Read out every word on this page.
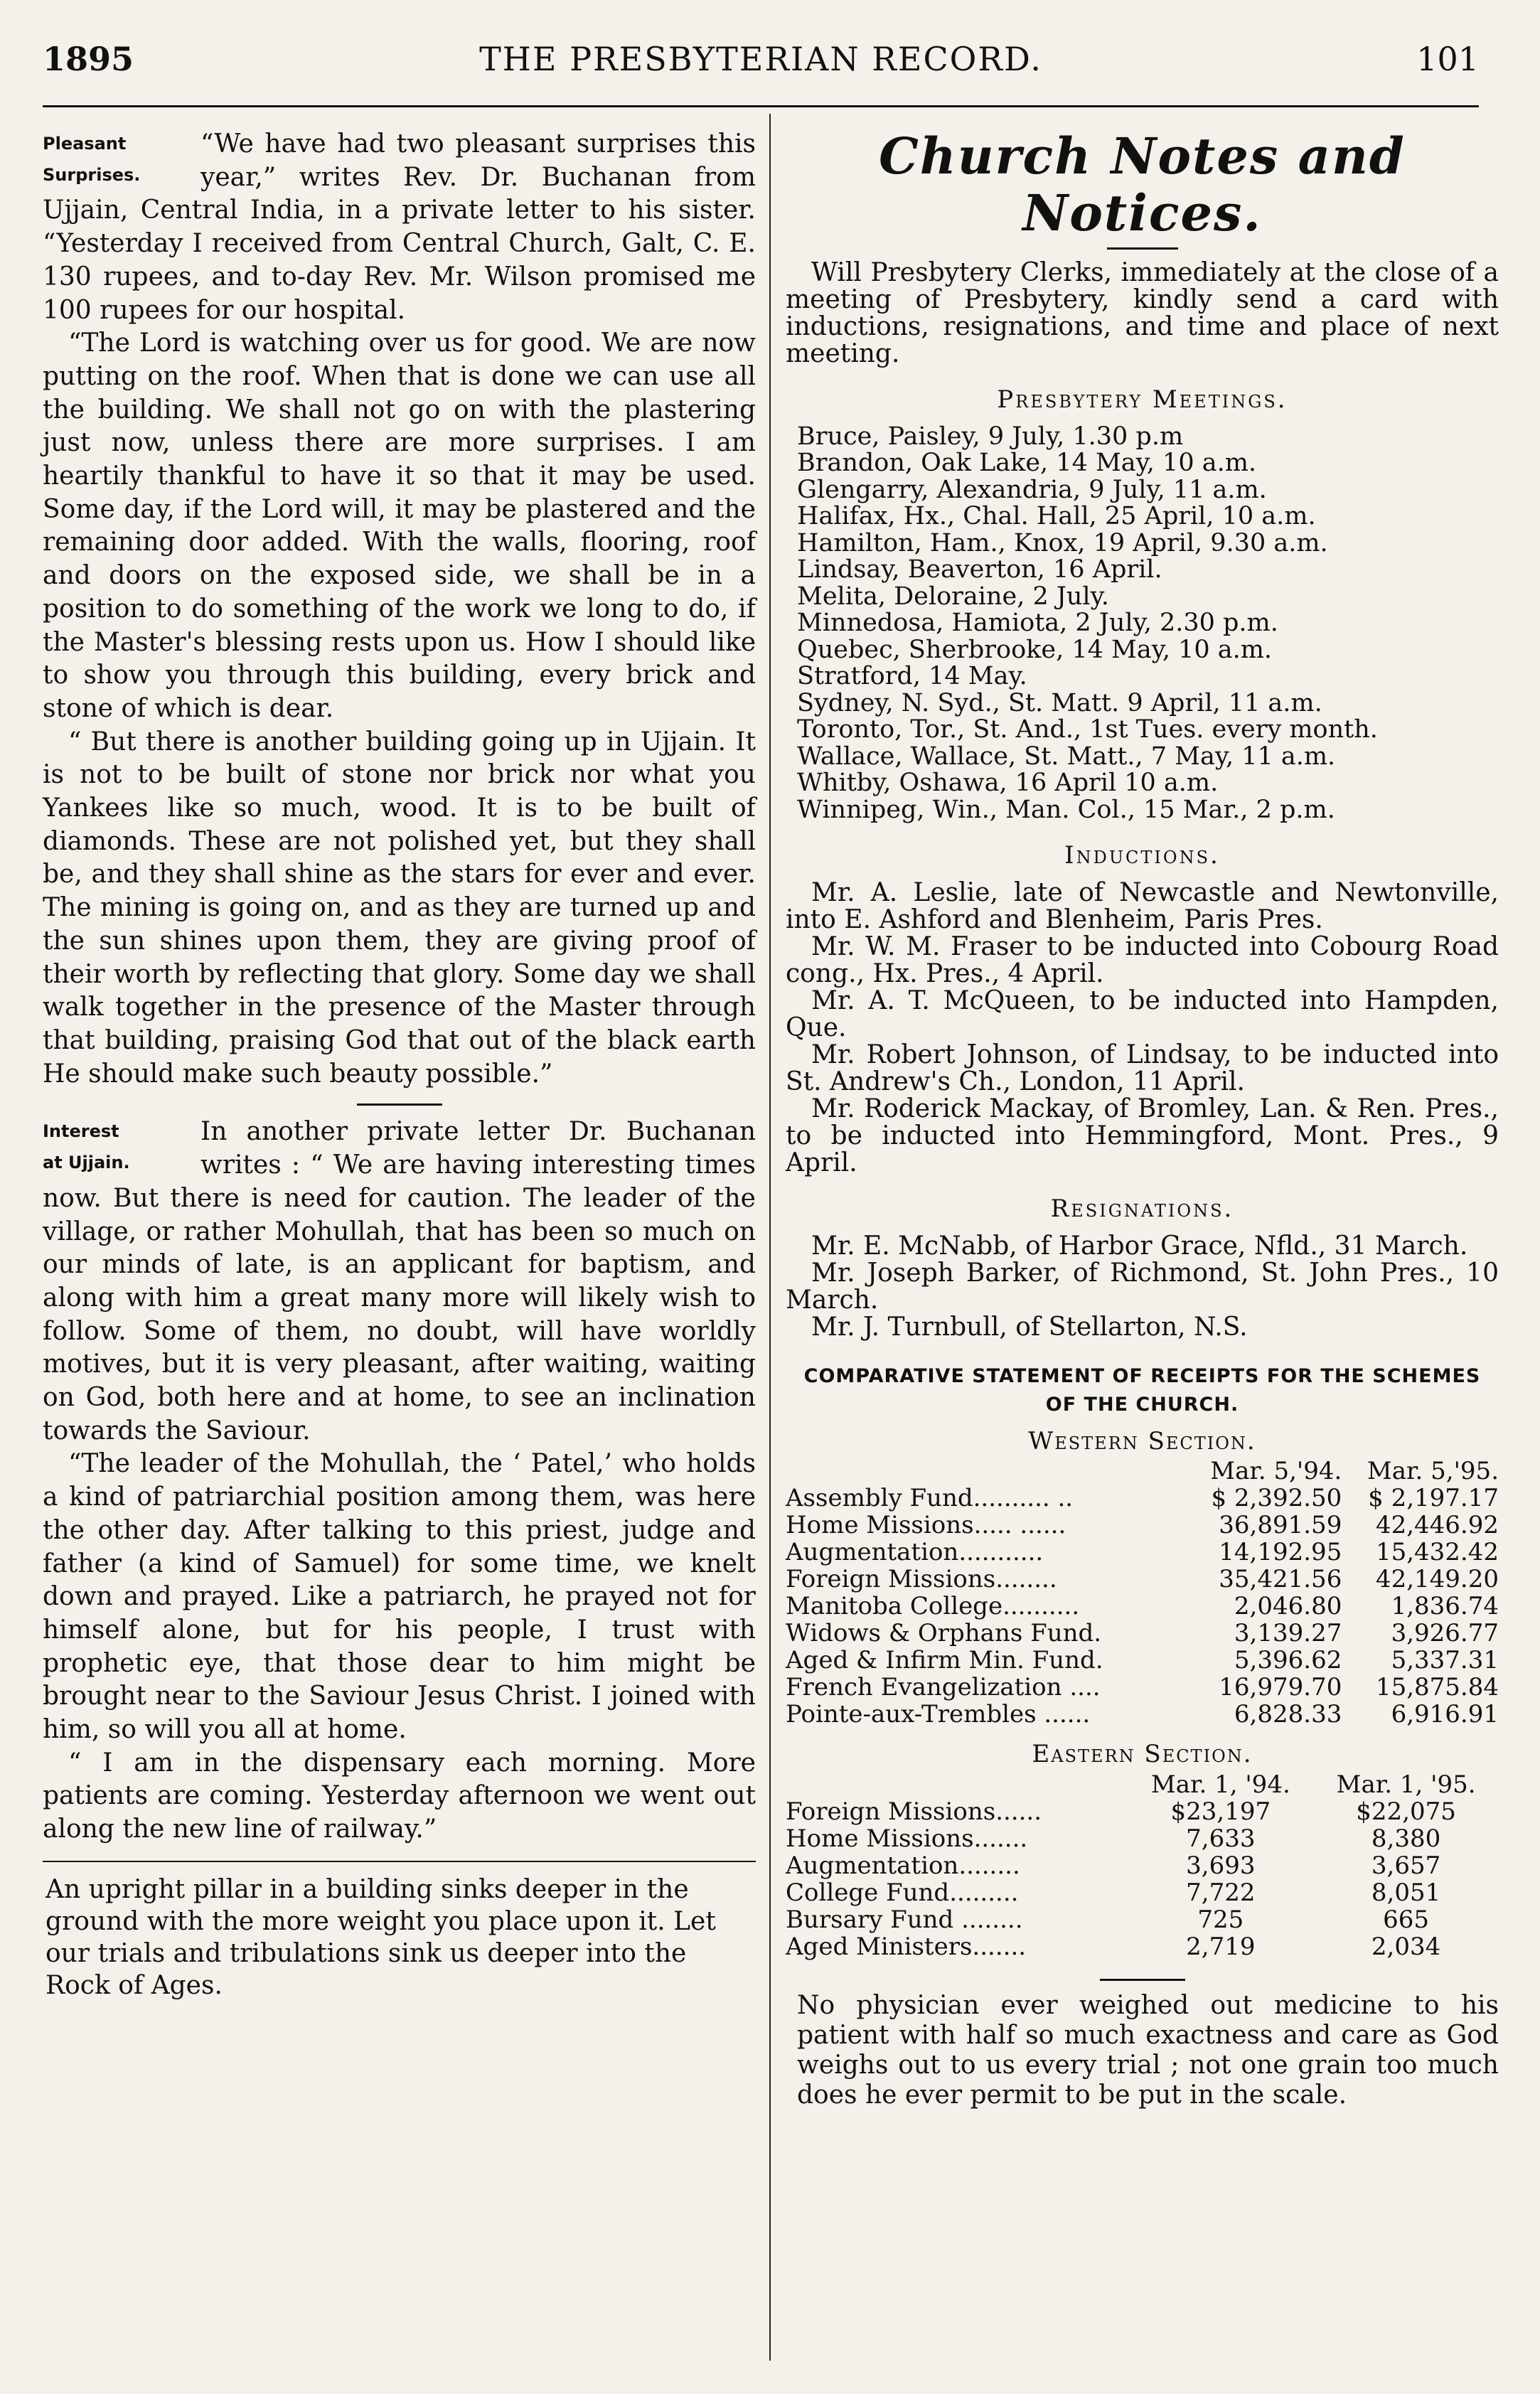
1895	THE PRESBYTERIAN RECORD.	101

Pleasant
Surprises.
“We have had two pleasant surprises this year,” writes Rev. Dr. Buchanan from Ujjain, Central India, in a private letter to his sister. “Yesterday I received from Central Church, Galt, C. E. 130 rupees, and to-day Rev. Mr. Wilson promised me 100 rupees for our hospital.

“The Lord is watching over us for good. We are now putting on the roof. When that is done we can use all the building. We shall not go on with the plastering just now, unless there are more surprises. I am heartily thankful to have it so that it may be used. Some day, if the Lord will, it may be plastered and the remaining door added. With the walls, flooring, roof and doors on the exposed side, we shall be in a position to do something of the work we long to do, if the Master's blessing rests upon us. How I should like to show you through this building, every brick and stone of which is dear.

“ But there is another building going up in Ujjain. It is not to be built of stone nor brick nor what you Yankees like so much, wood. It is to be built of diamonds. These are not polished yet, but they shall be, and they shall shine as the stars for ever and ever. The mining is going on, and as they are turned up and the sun shines upon them, they are giving proof of their worth by reflecting that glory. Some day we shall walk together in the presence of the Master through that building, praising God that out of the black earth He should make such beauty possible.”

Interest
at Ujjain.
In another private letter Dr. Buchanan writes : “ We are having interesting times now. But there is need for caution. The leader of the village, or rather Mohullah, that has been so much on our minds of late, is an applicant for baptism, and along with him a great many more will likely wish to follow. Some of them, no doubt, will have worldly motives, but it is very pleasant, after waiting, waiting on God, both here and at home, to see an inclination towards the Saviour.

“The leader of the Mohullah, the ‘ Patel,’ who holds a kind of patriarchial position among them, was here the other day. After talking to this priest, judge and father (a kind of Samuel) for some time, we knelt down and prayed. Like a patriarch, he prayed not for himself alone, but for his people, I trust with prophetic eye, that those dear to him might be brought near to the Saviour Jesus Christ. I joined with him, so will you all at home.

“ I am in the dispensary each morning. More patients are coming. Yesterday afternoon we went out along the new line of railway.”

An upright pillar in a building sinks deeper in the ground with the more weight you place upon it. Let our trials and tribulations sink us deeper into the Rock of Ages.

Church Notes and Notices.

Will Presbytery Clerks, immediately at the close of a meeting of Presbytery, kindly send a card with inductions, resignations, and time and place of next meeting.

Presbytery Meetings.
Bruce, Paisley, 9 July, 1.30 p.m
Brandon, Oak Lake, 14 May, 10 a.m.
Glengarry, Alexandria, 9 July, 11 a.m.
Halifax, Hx., Chal. Hall, 25 April, 10 a.m.
Hamilton, Ham., Knox, 19 April, 9.30 a.m.
Lindsay, Beaverton, 16 April.
Melita, Deloraine, 2 July.
Minnedosa, Hamiota, 2 July, 2.30 p.m.
Quebec, Sherbrooke, 14 May, 10 a.m.
Stratford, 14 May.
Sydney, N. Syd., St. Matt. 9 April, 11 a.m.
Toronto, Tor., St. And., 1st Tues. every month.
Wallace, Wallace, St. Matt., 7 May, 11 a.m.
Whitby, Oshawa, 16 April 10 a.m.
Winnipeg, Win., Man. Col., 15 Mar., 2 p.m.
Inductions.

Mr. A. Leslie, late of Newcastle and Newtonville, into E. Ashford and Blenheim, Paris Pres.

Mr. W. M. Fraser to be inducted into Cobourg Road cong., Hx. Pres., 4 April.

Mr. A. T. McQueen, to be inducted into Hampden, Que.

Mr. Robert Johnson, of Lindsay, to be inducted into St. Andrew's Ch., London, 11 April.

Mr. Roderick Mackay, of Bromley, Lan. & Ren. Pres., to be inducted into Hemmingford, Mont. Pres., 9 April.

Resignations.

Mr. E. McNabb, of Harbor Grace, Nfld., 31 March.

Mr. Joseph Barker, of Richmond, St. John Pres., 10 March.

Mr. J. Turnbull, of Stellarton, N.S.

COMPARATIVE STATEMENT OF RECEIPTS FOR THE SCHEMES OF THE CHURCH.
Western Section.
	Mar. 5,'94.	Mar. 5,'95.
Assembly Fund.......... ..	$ 2,392.50	$ 2,197.17
Home Missions..... ......	36,891.59	42,446.92
Augmentation...........	14,192.95	15,432.42
Foreign Missions........	35,421.56	42,149.20
Manitoba College..........	2,046.80	1,836.74
Widows & Orphans Fund.	3,139.27	3,926.77
Aged & Infirm Min. Fund.	5,396.62	5,337.31
French Evangelization ....	16,979.70	15,875.84
Pointe-aux-Trembles ......	6,828.33	6,916.91
Eastern Section.
	Mar. 1, '94.	Mar. 1, '95.
Foreign Missions......	$23,197	$22,075
Home Missions.......	7,633	8,380
Augmentation........	3,693	3,657
College Fund.........	7,722	8,051
Bursary Fund ........	725	665
Aged Ministers.......	2,719	2,034

No physician ever weighed out medicine to his patient with half so much exactness and care as God weighs out to us every trial ; not one grain too much does he ever permit to be put in the scale.
